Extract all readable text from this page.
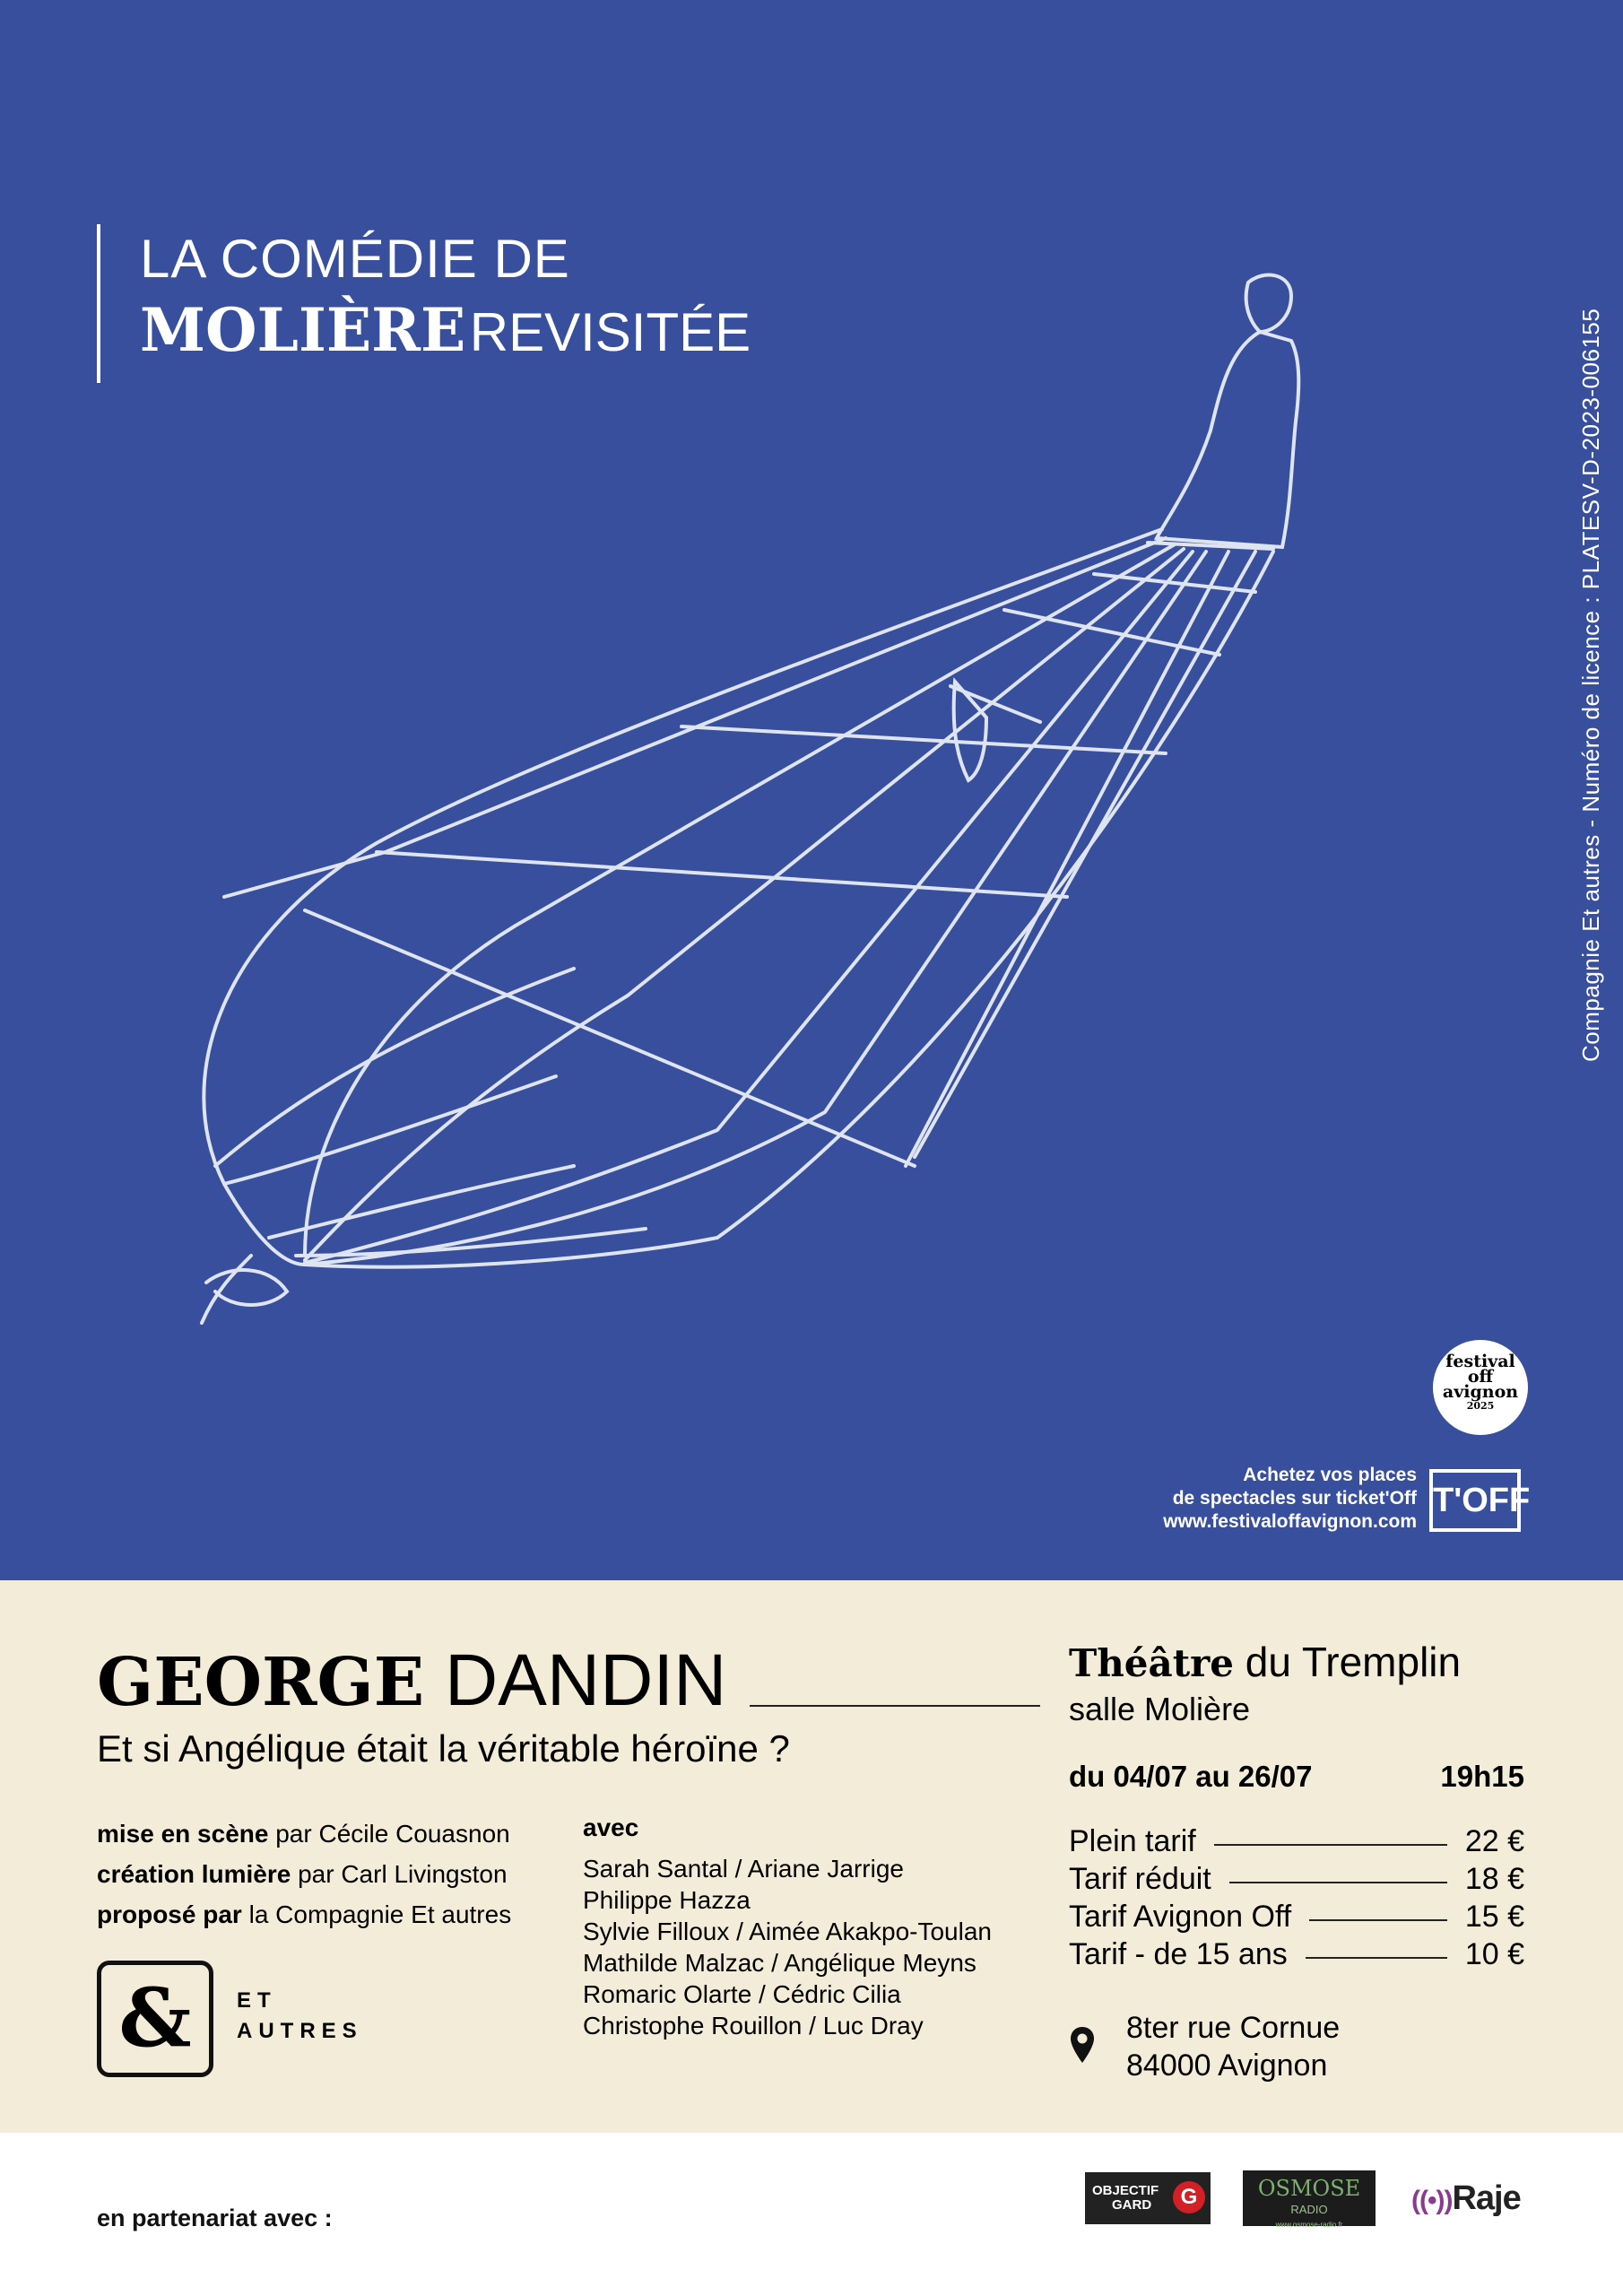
LA COMÉDIE DE
MOLIÈRE REVISITÉE	Compagnie Et autres - Numéro de licence : PLATESV-D-2023-006155
festival
off
avignon
2025
Achetez vos places
de spectacles sur ticket'Off
www.festivaloffavignon.com
T'OFF
GEORGE DANDIN
Et si Angélique était la véritable héroïne ?
mise en scène par Cécile Couasnon
création lumière par Carl Livingston
proposé par la Compagnie Et autres
avec
Sarah Santal / Ariane Jarrige
Philippe Hazza
Sylvie Filloux / Aimée Akakpo-Toulan
Mathilde Malzac / Angélique Meyns
Romaric Olarte / Cédric Cilia
Christophe Rouillon / Luc Dray
&	ET
AUTRES
Théâtre du Tremplin
salle Molière
du 04/07 au 26/07	19h15
Plein tarif	22 €
Tarif réduit	18 €
Tarif Avignon Off	15 €
Tarif - de 15 ans	10 €
8ter rue Cornue
84000 Avignon
en partenariat avec :
OBJECTIF
GARD	G	OSMOSE
RADIO
www.osmose-radio.fr
((•))Raje
